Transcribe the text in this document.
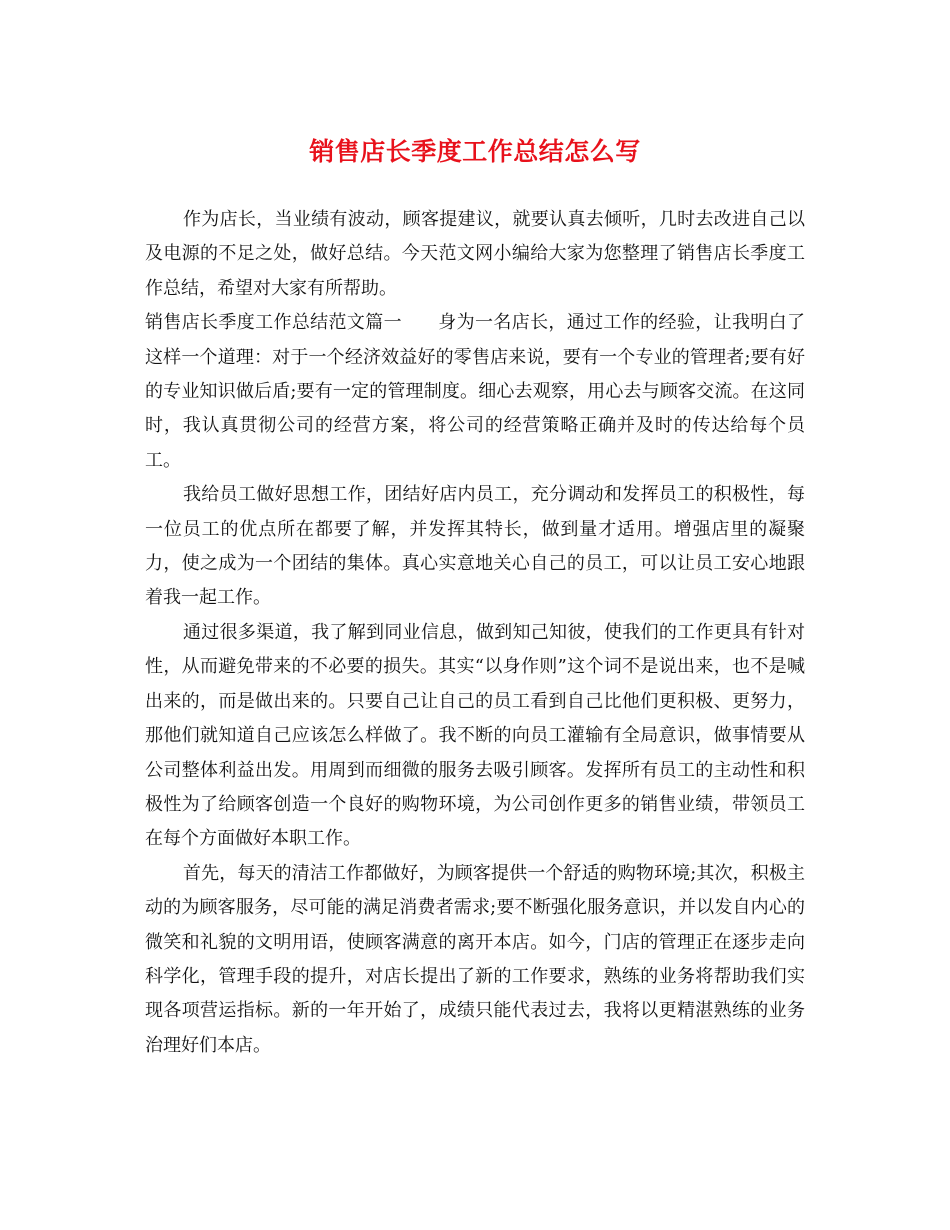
销售店长季度工作总结怎么写

作为店长，当业绩有波动，顾客提建议，就要认真去倾听，几时去改进自己以及电源的不足之处，做好总结。今天范文网小编给大家为您整理了销售店长季度工作总结，希望对大家有所帮助。

销售店长季度工作总结范文篇一   身为一名店长，通过工作的经验，让我明白了这样一个道理：对于一个经济效益好的零售店来说，要有一个专业的管理者;要有好的专业知识做后盾;要有一定的管理制度。细心去观察，用心去与顾客交流。在这同时，我认真贯彻公司的经营方案，将公司的经营策略正确并及时的传达给每个员工。

我给员工做好思想工作，团结好店内员工，充分调动和发挥员工的积极性，每一位员工的优点所在都要了解，并发挥其特长，做到量才适用。增强店里的凝聚力，使之成为一个团结的集体。真心实意地关心自己的员工，可以让员工安心地跟着我一起工作。

通过很多渠道，我了解到同业信息，做到知己知彼，使我们的工作更具有针对性，从而避免带来的不必要的损失。其实“以身作则”这个词不是说出来，也不是喊出来的，而是做出来的。只要自己让自己的员工看到自己比他们更积极、更努力，那他们就知道自己应该怎么样做了。我不断的向员工灌输有全局意识，做事情要从公司整体利益出发。用周到而细微的服务去吸引顾客。发挥所有员工的主动性和积极性为了给顾客创造一个良好的购物环境，为公司创作更多的销售业绩，带领员工在每个方面做好本职工作。

首先，每天的清洁工作都做好，为顾客提供一个舒适的购物环境;其次，积极主动的为顾客服务，尽可能的满足消费者需求;要不断强化服务意识，并以发自内心的微笑和礼貌的文明用语，使顾客满意的离开本店。如今，门店的管理正在逐步走向科学化，管理手段的提升，对店长提出了新的工作要求，熟练的业务将帮助我们实现各项营运指标。新的一年开始了，成绩只能代表过去，我将以更精湛熟练的业务治理好们本店。
